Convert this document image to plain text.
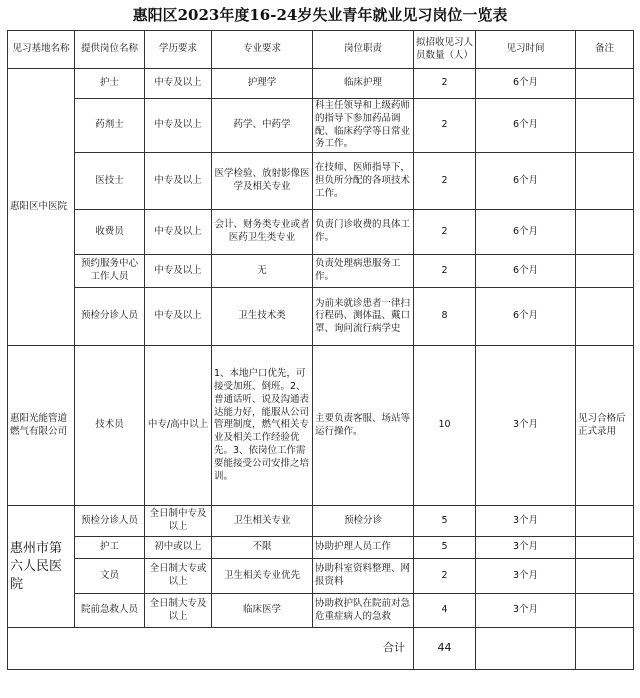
惠阳区2023年度16-24岁失业青年就业见习岗位一览表
见习基地名称	提供岗位名称	学历要求	专业要求	岗位职责	拟招收见习人员数量（人）	见习时间	备注
惠阳区中医院	护士	中专及以上	护理学	临床护理	2	6个月	
	药剂士	中专及以上	药学、中药学	科主任领导和上级药师的指导下参加药品调配、临床药学等日常业务工作。	2	6个月	
	医技士	中专及以上	医学检验、放射影像医学及相关专业	在技师、医师指导下，担负所分配的各项技术工作。	2	6个月	
	收费员	中专及以上	会计、财务类专业或者医药卫生类专业	负责门诊收费的具体工作。	2	6个月	
	预约服务中心工作人员	中专及以上	无	负责处理病患服务工作。	2	6个月	
	预检分诊人员	中专及以上	卫生技术类	为前来就诊患者一律扫行程码、测体温、戴口罩、询问流行病学史	8	6个月	
惠阳光能管道燃气有限公司	技术员	中专/高中以上	1、本地户口优先，可接受加班、倒班。2、普通话听、说及沟通表达能力好，能服从公司管理制度，燃气相关专业及相关工作经验优先。3、依岗位工作需要能接受公司安排之培训。	主要负责客服、场站等运行操作。	10	3个月	见习合格后正式录用
惠州市第六人民医院	预检分诊人员	全日制中专及以上	卫生相关专业	预检分诊	5	3个月	
	护工	初中或以上	不限	协助护理人员工作	5	3个月	
	文员	全日制大专或以上	卫生相关专业优先	协助科室资料整理、网报资料	2	3个月	
	院前急救人员	全日制大专及以上	临床医学	协助救护队在院前对急危重症病人的急救	4	3个月	
合计					44		
